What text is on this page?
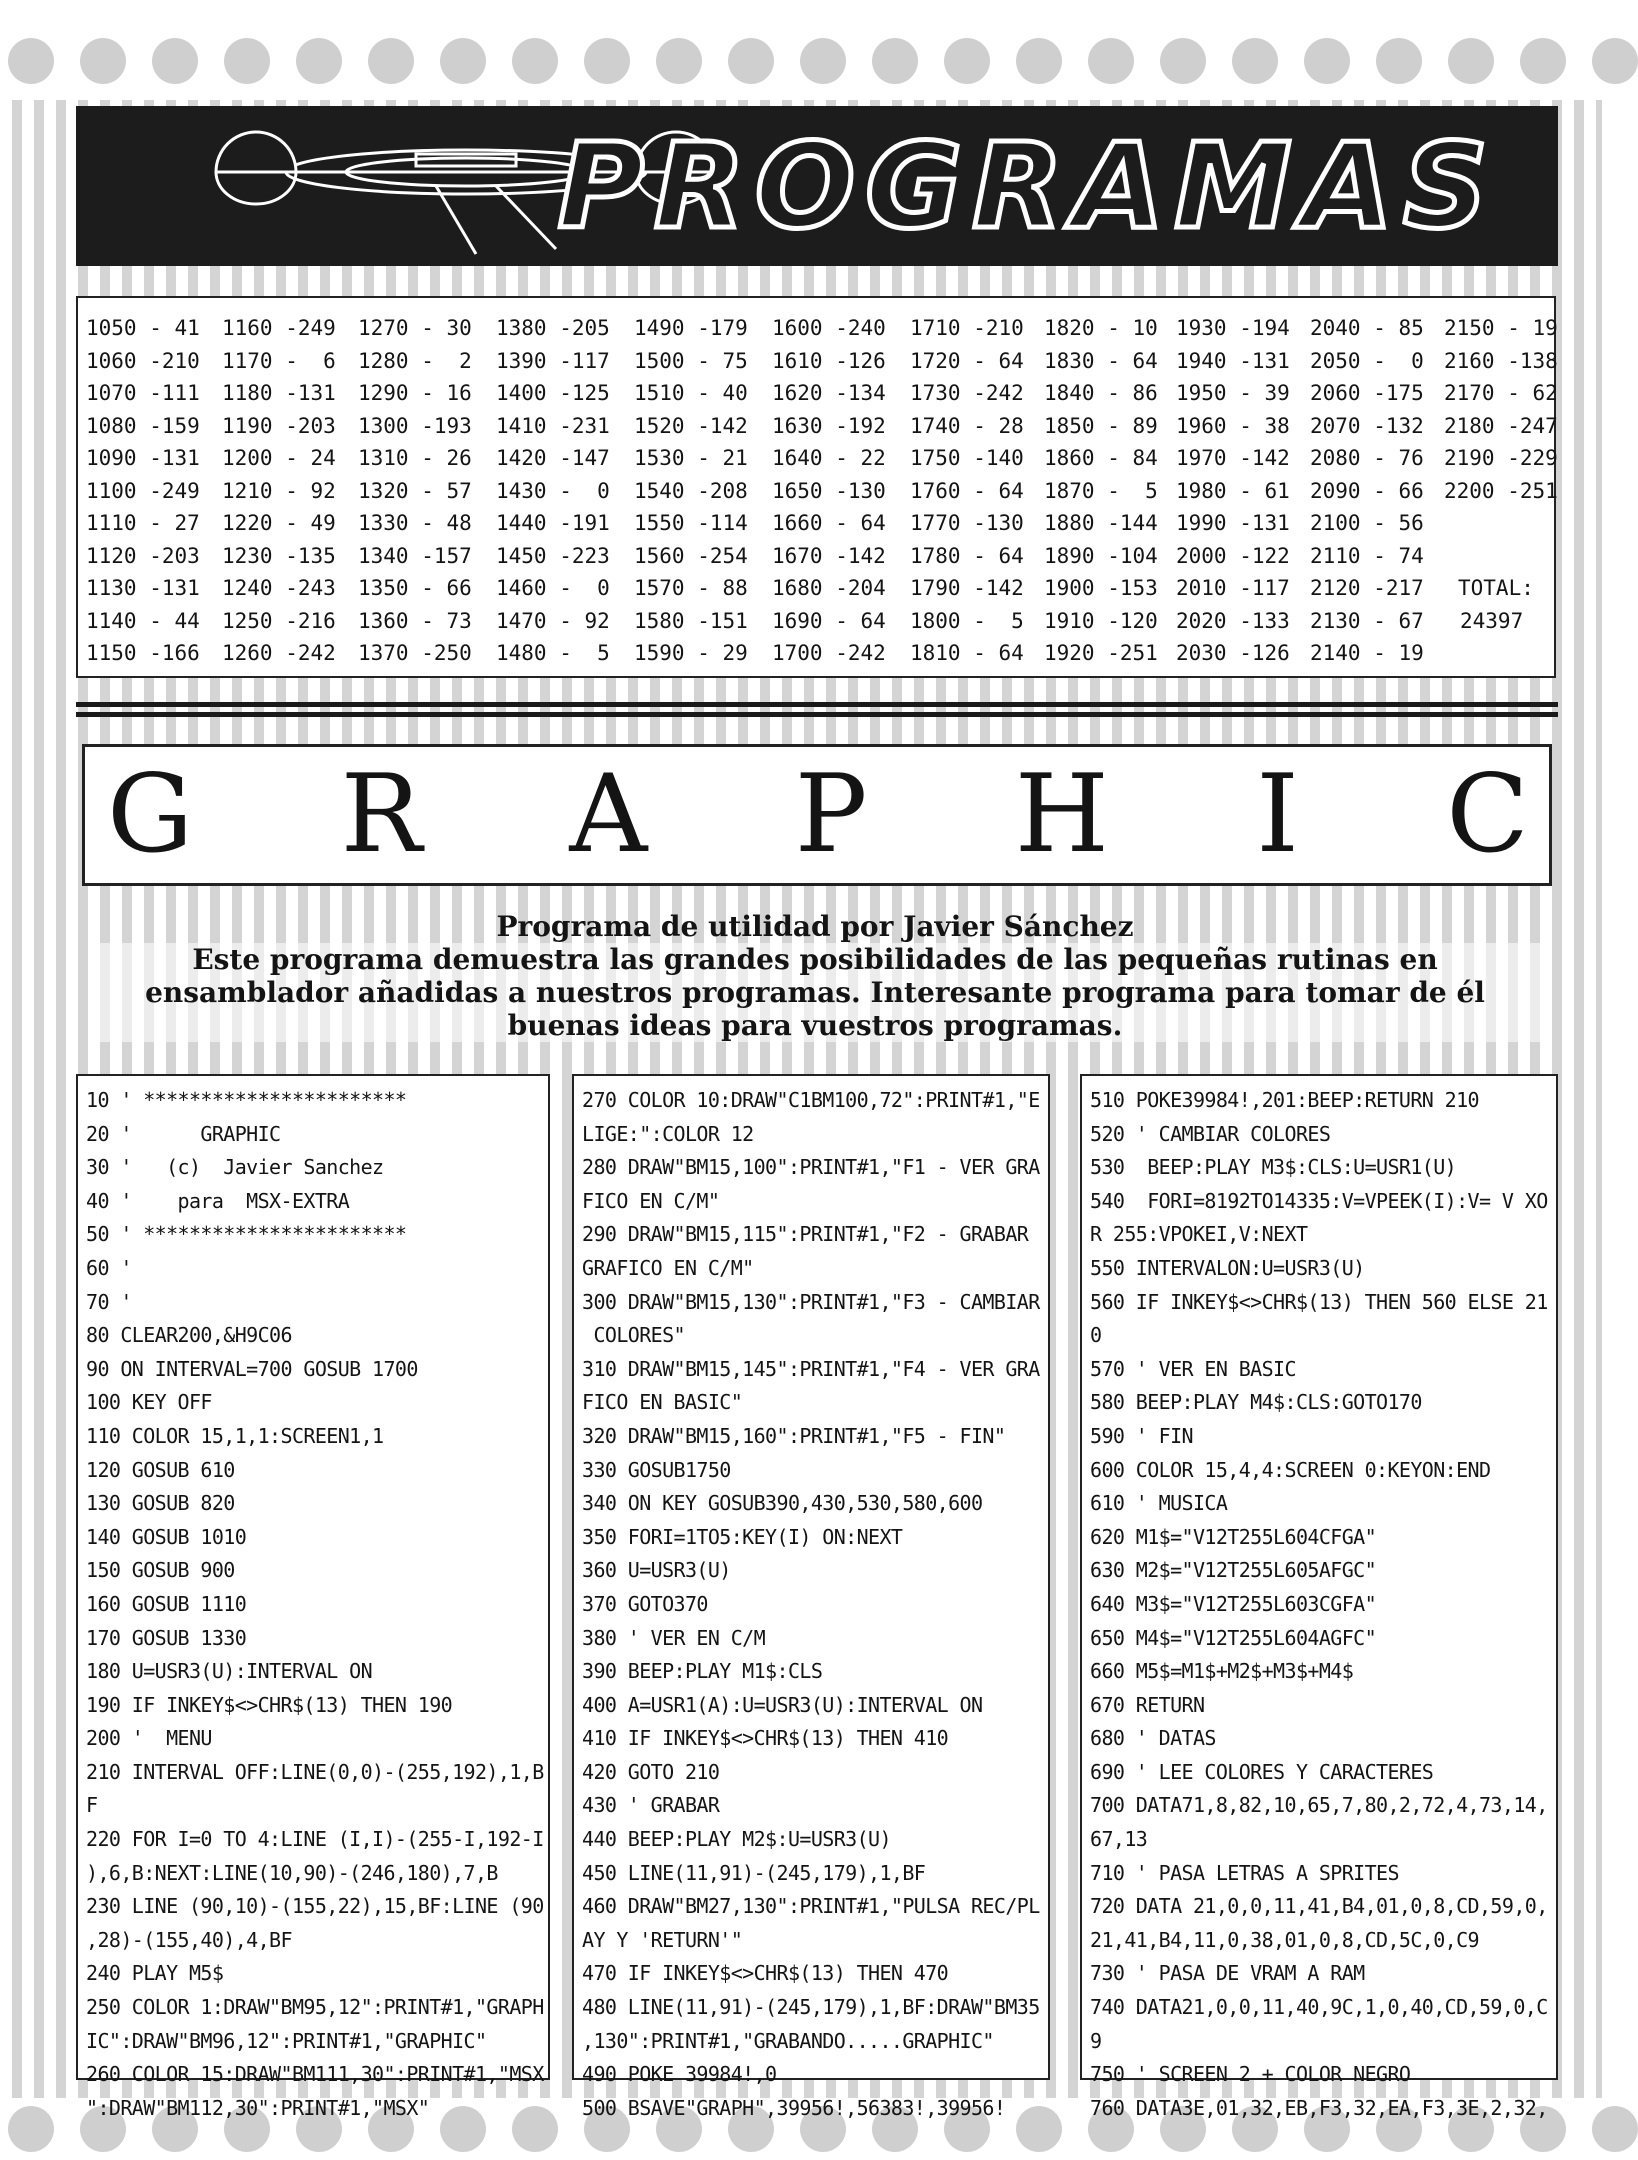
PROGRAMAS
1050 - 41
1060 -210
1070 -111
1080 -159
1090 -131
1100 -249
1110 - 27
1120 -203
1130 -131
1140 - 44
1150 -166
1160 -249
1170 -  6
1180 -131
1190 -203
1200 - 24
1210 - 92
1220 - 49
1230 -135
1240 -243
1250 -216
1260 -242
1270 - 30
1280 -  2
1290 - 16
1300 -193
1310 - 26
1320 - 57
1330 - 48
1340 -157
1350 - 66
1360 - 73
1370 -250
1380 -205
1390 -117
1400 -125
1410 -231
1420 -147
1430 -  0
1440 -191
1450 -223
1460 -  0
1470 - 92
1480 -  5
1490 -179
1500 - 75
1510 - 40
1520 -142
1530 - 21
1540 -208
1550 -114
1560 -254
1570 - 88
1580 -151
1590 - 29
1600 -240
1610 -126
1620 -134
1630 -192
1640 - 22
1650 -130
1660 - 64
1670 -142
1680 -204
1690 - 64
1700 -242
1710 -210
1720 - 64
1730 -242
1740 - 28
1750 -140
1760 - 64
1770 -130
1780 - 64
1790 -142
1800 -  5
1810 - 64
1820 - 10
1830 - 64
1840 - 86
1850 - 89
1860 - 84
1870 -  5
1880 -144
1890 -104
1900 -153
1910 -120
1920 -251
1930 -194
1940 -131
1950 - 39
1960 - 38
1970 -142
1980 - 61
1990 -131
2000 -122
2010 -117
2020 -133
2030 -126
2040 - 85
2050 -  0
2060 -175
2070 -132
2080 - 76
2090 - 66
2100 - 56
2110 - 74
2120 -217
2130 - 67
2140 - 19
2150 - 19
2160 -138
2170 - 62
2180 -247
2190 -229
2200 -251

TOTAL:
24397
G R A P H I C
Programa de utilidad por Javier Sánchez
Este programa demuestra las grandes posibilidades de las pequeñas rutinas en ensamblador añadidas a nuestros programas. Interesante programa para tomar de él buenas ideas para vuestros programas.
10 ' ***********************
20 '      GRAPHIC
30 '   (c)  Javier Sanchez
40 '    para  MSX-EXTRA
50 ' ***********************
60 '
70 '
80 CLEAR200,&H9C06
90 ON INTERVAL=700 GOSUB 1700
100 KEY OFF
110 COLOR 15,1,1:SCREEN1,1
120 GOSUB 610
130 GOSUB 820
140 GOSUB 1010
150 GOSUB 900
160 GOSUB 1110
170 GOSUB 1330
180 U=USR3(U):INTERVAL ON
190 IF INKEY$<>CHR$(13) THEN 190
200 '  MENU
210 INTERVAL OFF:LINE(0,0)-(255,192),1,B
F
220 FOR I=0 TO 4:LINE (I,I)-(255-I,192-I
),6,B:NEXT:LINE(10,90)-(246,180),7,B
230 LINE (90,10)-(155,22),15,BF:LINE (90
,28)-(155,40),4,BF
240 PLAY M5$
250 COLOR 1:DRAW"BM95,12":PRINT#1,"GRAPH
IC":DRAW"BM96,12":PRINT#1,"GRAPHIC"
260 COLOR 15:DRAW"BM111,30":PRINT#1,"MSX
":DRAW"BM112,30":PRINT#1,"MSX"
270 COLOR 10:DRAW"C1BM100,72":PRINT#1,"E
LIGE:":COLOR 12
280 DRAW"BM15,100":PRINT#1,"F1 - VER GRA
FICO EN C/M"
290 DRAW"BM15,115":PRINT#1,"F2 - GRABAR
GRAFICO EN C/M"
300 DRAW"BM15,130":PRINT#1,"F3 - CAMBIAR
COLORES"
310 DRAW"BM15,145":PRINT#1,"F4 - VER GRA
FICO EN BASIC"
320 DRAW"BM15,160":PRINT#1,"F5 - FIN"
330 GOSUB1750
340 ON KEY GOSUB390,430,530,580,600
350 FORI=1TO5:KEY(I) ON:NEXT
360 U=USR3(U)
370 GOTO370
380 ' VER EN C/M
390 BEEP:PLAY M1$:CLS
400 A=USR1(A):U=USR3(U):INTERVAL ON
410 IF INKEY$<>CHR$(13) THEN 410
420 GOTO 210
430 ' GRABAR
440 BEEP:PLAY M2$:U=USR3(U)
450 LINE(11,91)-(245,179),1,BF
460 DRAW"BM27,130":PRINT#1,"PULSA REC/PL
AY Y 'RETURN'"
470 IF INKEY$<>CHR$(13) THEN 470
480 LINE(11,91)-(245,179),1,BF:DRAW"BM35
,130":PRINT#1,"GRABANDO.....GRAPHIC"
490 POKE 39984!,0
500 BSAVE"GRAPH",39956!,56383!,39956!
510 POKE39984!,201:BEEP:RETURN 210
520 ' CAMBIAR COLORES
530  BEEP:PLAY M3$:CLS:U=USR1(U)
540  FORI=8192TO14335:V=VPEEK(I):V= V XO
R 255:VPOKEI,V:NEXT
550 INTERVALON:U=USR3(U)
560 IF INKEY$<>CHR$(13) THEN 560 ELSE 21
0
570 ' VER EN BASIC
580 BEEP:PLAY M4$:CLS:GOTO170
590 ' FIN
600 COLOR 15,4,4:SCREEN 0:KEYON:END
610 ' MUSICA
620 M1$="V12T255L604CFGA"
630 M2$="V12T255L605AFGC"
640 M3$="V12T255L603CGFA"
650 M4$="V12T255L604AGFC"
660 M5$=M1$+M2$+M3$+M4$
670 RETURN
680 ' DATAS
690 ' LEE COLORES Y CARACTERES
700 DATA71,8,82,10,65,7,80,2,72,4,73,14,
67,13
710 ' PASA LETRAS A SPRITES
720 DATA 21,0,0,11,41,B4,01,0,8,CD,59,0,
21,41,B4,11,0,38,01,0,8,CD,5C,0,C9
730 ' PASA DE VRAM A RAM
740 DATA21,0,0,11,40,9C,1,0,40,CD,59,0,C
9
750 ' SCREEN 2 + COLOR NEGRO
760 DATA3E,01,32,EB,F3,32,EA,F3,3E,2,32,
